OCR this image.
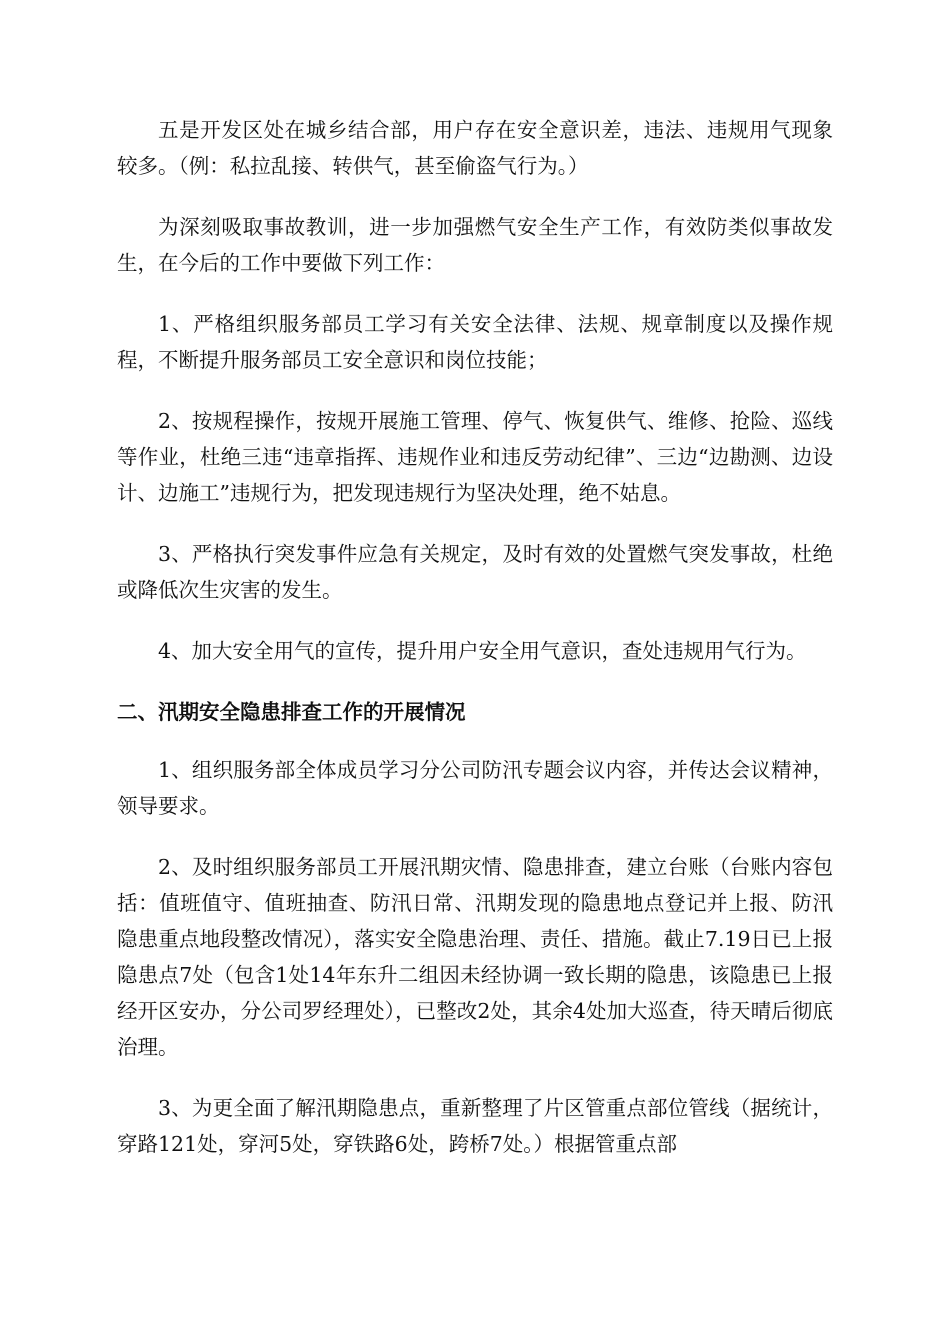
五是开发区处在城乡结合部，用户存在安全意识差，违法、违规用气现象较多。（例：私拉乱接、转供气，甚至偷盗气行为。）

为深刻吸取事故教训，进一步加强燃气安全生产工作，有效防类似事故发生，在今后的工作中要做下列工作：

1、严格组织服务部员工学习有关安全法律、法规、规章制度以及操作规程，不断提升服务部员工安全意识和岗位技能；

2、按规程操作，按规开展施工管理、停气、恢复供气、维修、抢险、巡线等作业，杜绝三违“违章指挥、违规作业和违反劳动纪律”、三边“边勘测、边设计、边施工”违规行为，把发现违规行为坚决处理，绝不姑息。

3、严格执行突发事件应急有关规定，及时有效的处置燃气突发事故，杜绝或降低次生灾害的发生。

4、加大安全用气的宣传，提升用户安全用气意识，查处违规用气行为。

二、汛期安全隐患排查工作的开展情况

1、组织服务部全体成员学习分公司防汛专题会议内容，并传达会议精神，领导要求。

2、及时组织服务部员工开展汛期灾情、隐患排查，建立台账（台账内容包括：值班值守、值班抽查、防汛日常、汛期发现的隐患地点登记并上报、防汛隐患重点地段整改情况），落实安全隐患治理、责任、措施。截止7.19日已上报隐患点7处（包含1处14年东升二组因未经协调一致长期的隐患，该隐患已上报经开区安办，分公司罗经理处），已整改2处，其余4处加大巡查，待天晴后彻底治理。

3、为更全面了解汛期隐患点，重新整理了片区管重点部位管线（据统计，穿路121处，穿河5处，穿铁路6处，跨桥7处。）根据管重点部
